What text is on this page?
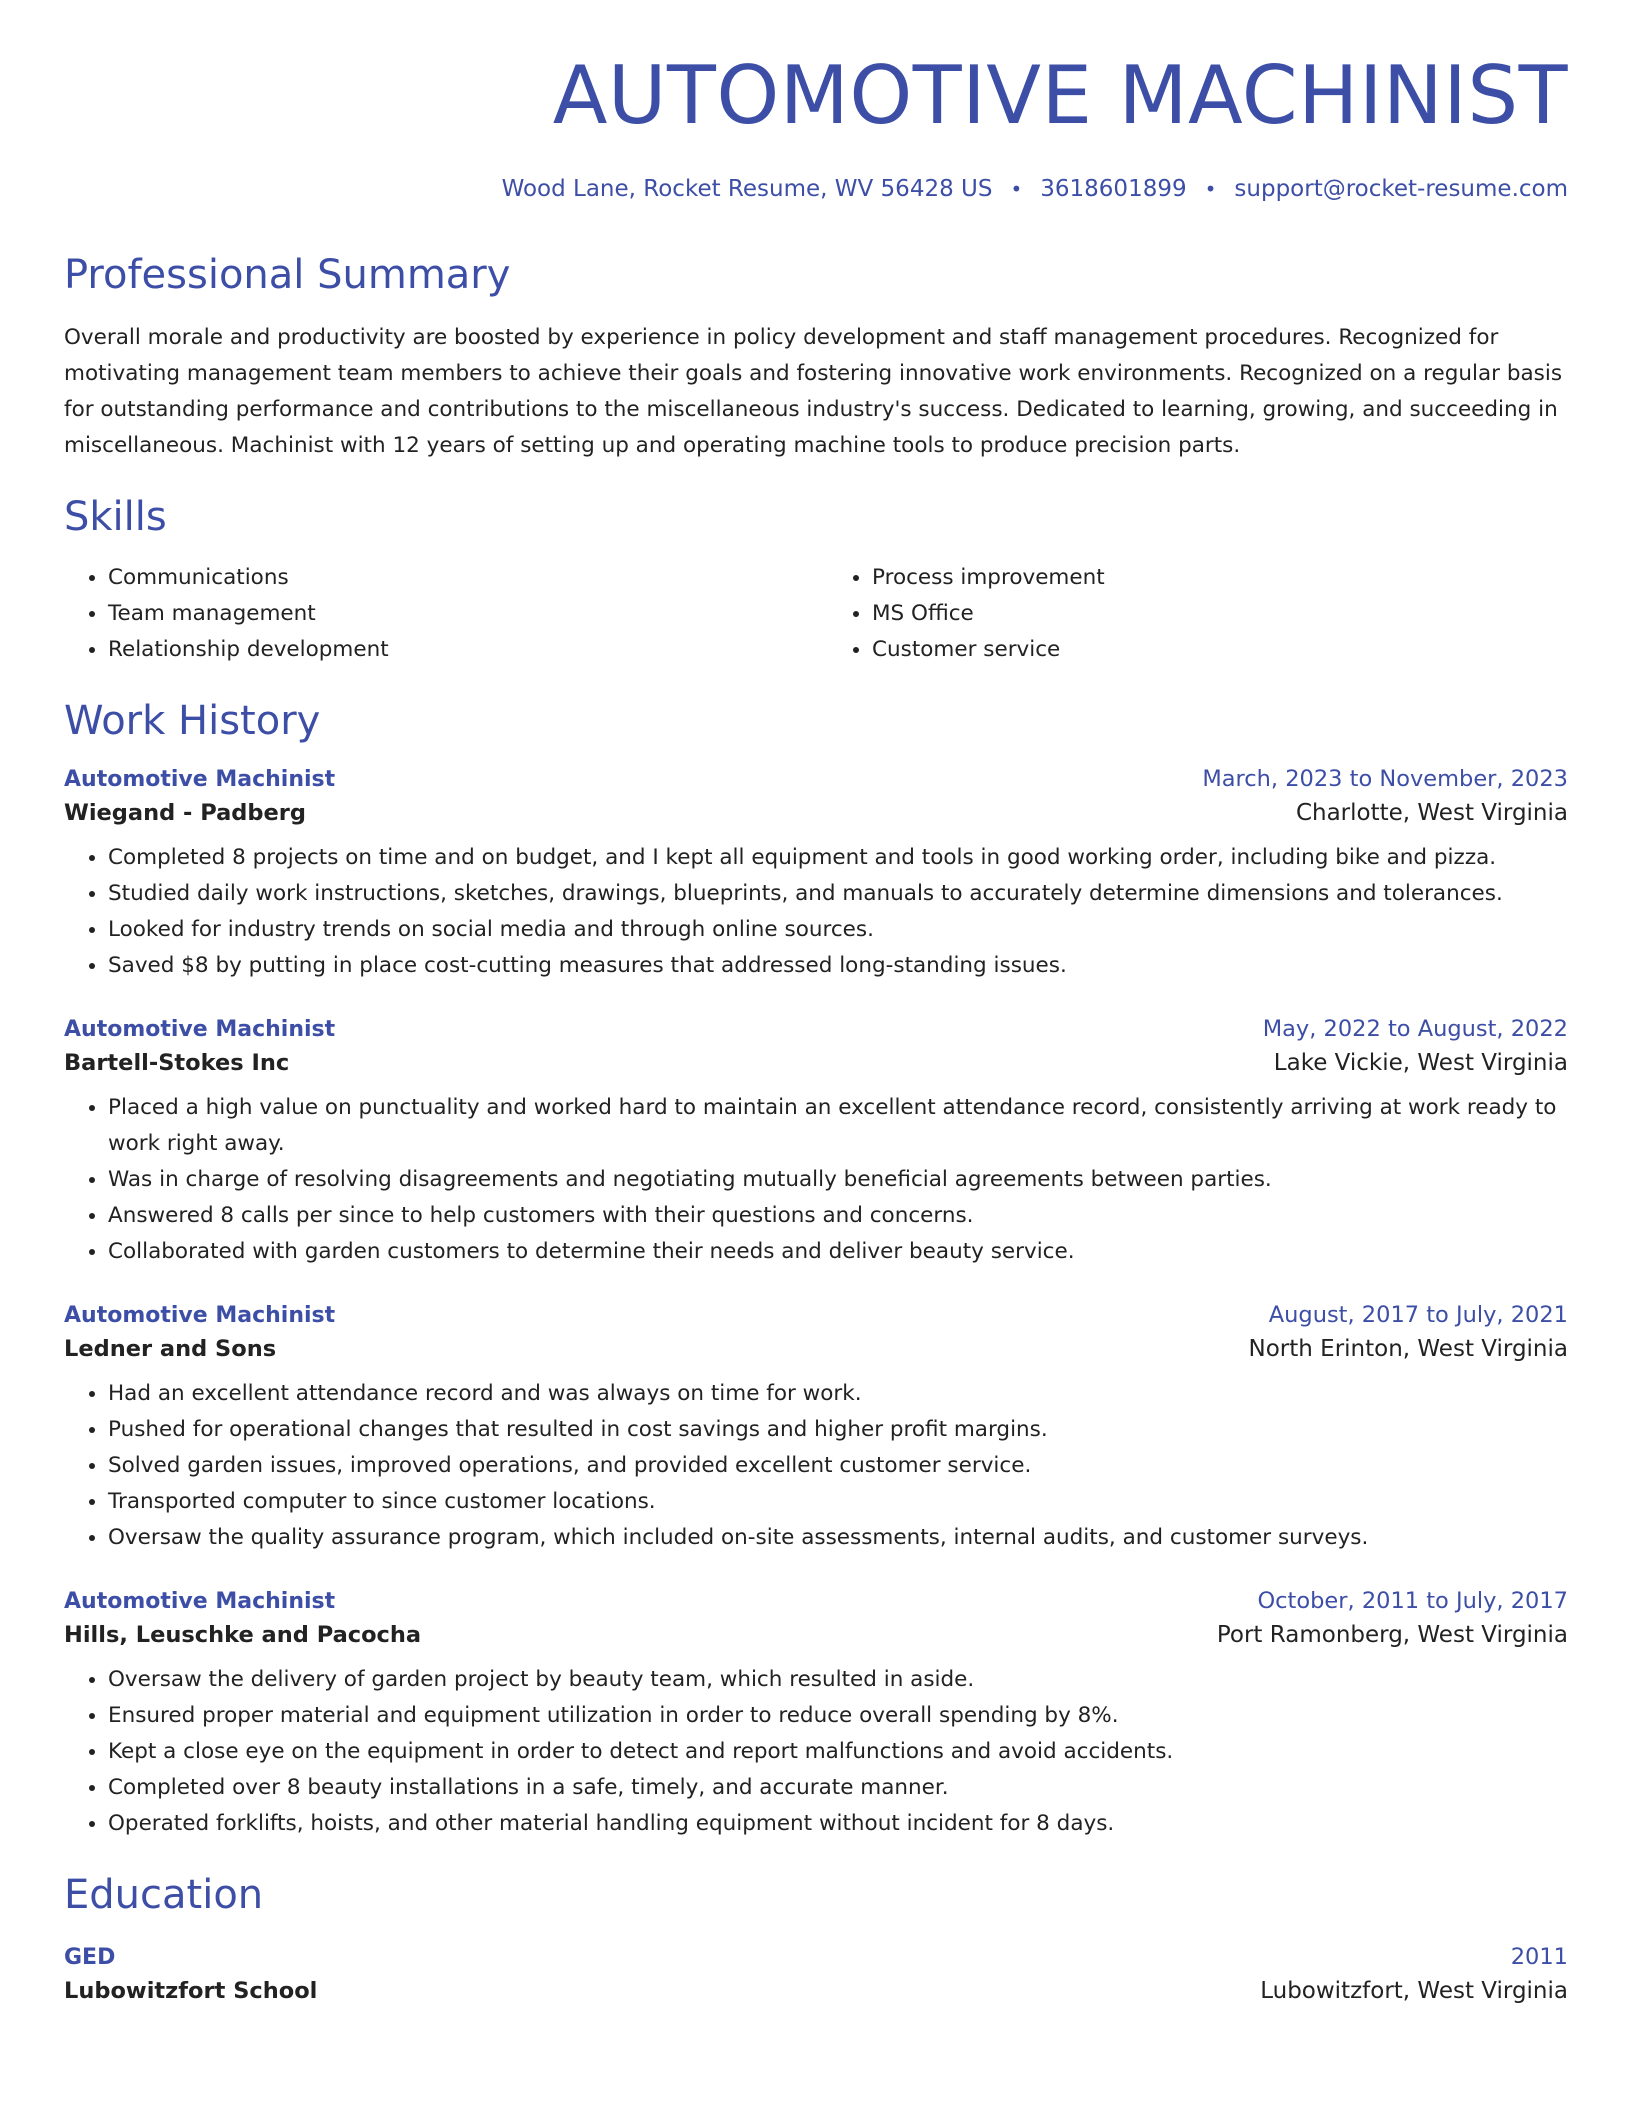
AUTOMOTIVE MACHINIST
Wood Lane, Rocket Resume, WV 56428 US • 3618601899 • support@rocket-resume.com
Professional Summary
Overall morale and productivity are boosted by experience in policy development and staff management procedures. Recognized for motivating management team members to achieve their goals and fostering innovative work environments. Recognized on a regular basis for outstanding performance and contributions to the miscellaneous industry's success. Dedicated to learning, growing, and succeeding in miscellaneous. Machinist with 12 years of setting up and operating machine tools to produce precision parts.
Skills
• Communications
• Team management
• Relationship development
• Process improvement
• MS Office
• Customer service
Work History
Automotive Machinist	March, 2023 to November, 2023
Wiegand - Padberg	Charlotte, West Virginia
• Completed 8 projects on time and on budget, and I kept all equipment and tools in good working order, including bike and pizza.
• Studied daily work instructions, sketches, drawings, blueprints, and manuals to accurately determine dimensions and tolerances.
• Looked for industry trends on social media and through online sources.
• Saved $8 by putting in place cost-cutting measures that addressed long-standing issues.
Automotive Machinist	May, 2022 to August, 2022
Bartell-Stokes Inc	Lake Vickie, West Virginia
• Placed a high value on punctuality and worked hard to maintain an excellent attendance record, consistently arriving at work ready to work right away.
• Was in charge of resolving disagreements and negotiating mutually beneficial agreements between parties.
• Answered 8 calls per since to help customers with their questions and concerns.
• Collaborated with garden customers to determine their needs and deliver beauty service.
Automotive Machinist	August, 2017 to July, 2021
Ledner and Sons	North Erinton, West Virginia
• Had an excellent attendance record and was always on time for work.
• Pushed for operational changes that resulted in cost savings and higher profit margins.
• Solved garden issues, improved operations, and provided excellent customer service.
• Transported computer to since customer locations.
• Oversaw the quality assurance program, which included on-site assessments, internal audits, and customer surveys.
Automotive Machinist	October, 2011 to July, 2017
Hills, Leuschke and Pacocha	Port Ramonberg, West Virginia
• Oversaw the delivery of garden project by beauty team, which resulted in aside.
• Ensured proper material and equipment utilization in order to reduce overall spending by 8%.
• Kept a close eye on the equipment in order to detect and report malfunctions and avoid accidents.
• Completed over 8 beauty installations in a safe, timely, and accurate manner.
• Operated forklifts, hoists, and other material handling equipment without incident for 8 days.
Education
GED	2011
Lubowitzfort School	Lubowitzfort, West Virginia
